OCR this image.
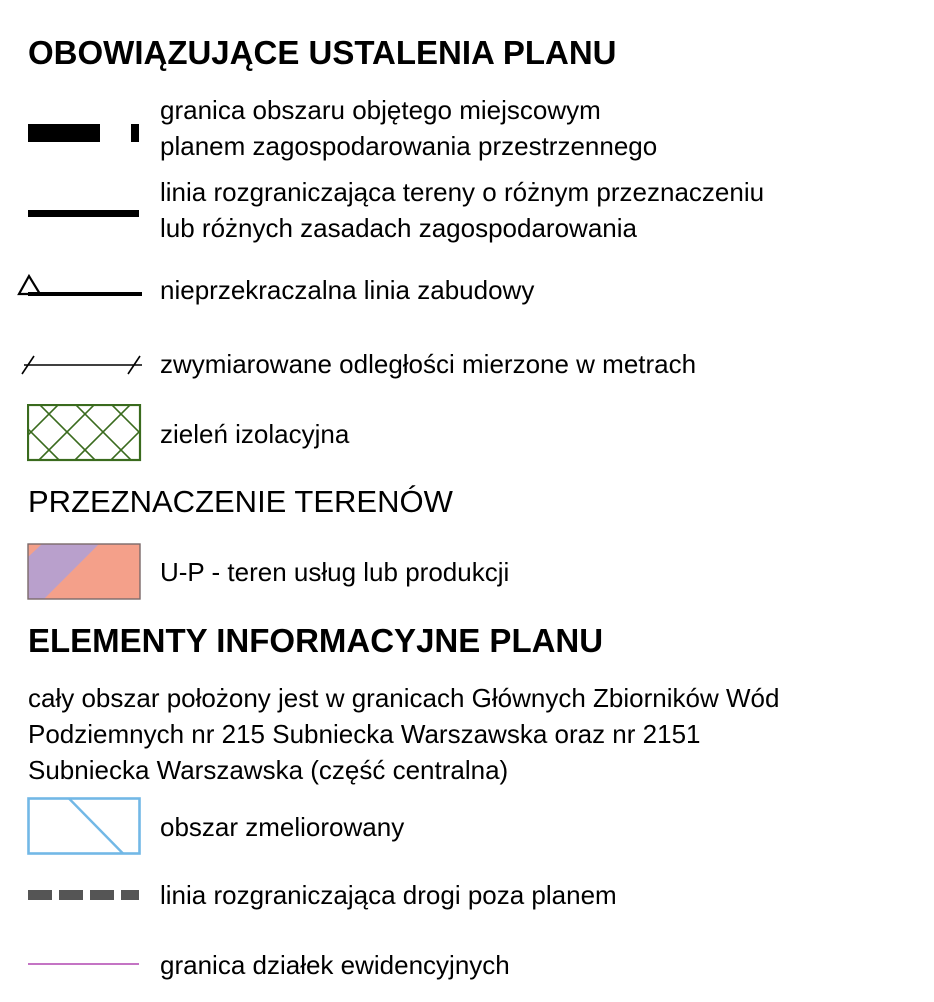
OBOWIĄZUJĄCE USTALENIA PLANU
granica obszaru objętego miejscowym
planem zagospodarowania przestrzennego
linia rozgraniczająca tereny o różnym przeznaczeniu
lub różnych zasadach zagospodarowania
nieprzekraczalna linia zabudowy
zwymiarowane odległości mierzone w metrach
zieleń izolacyjna
PRZEZNACZENIE TERENÓW
U-P - teren usług lub produkcji
ELEMENTY INFORMACYJNE PLANU
cały obszar położony jest w granicach Głównych Zbiorników Wód
Podziemnych nr 215 Subniecka Warszawska oraz nr 2151
Subniecka Warszawska (część centralna)
obszar zmeliorowany
linia rozgraniczająca drogi poza planem
granica działek ewidencyjnych
